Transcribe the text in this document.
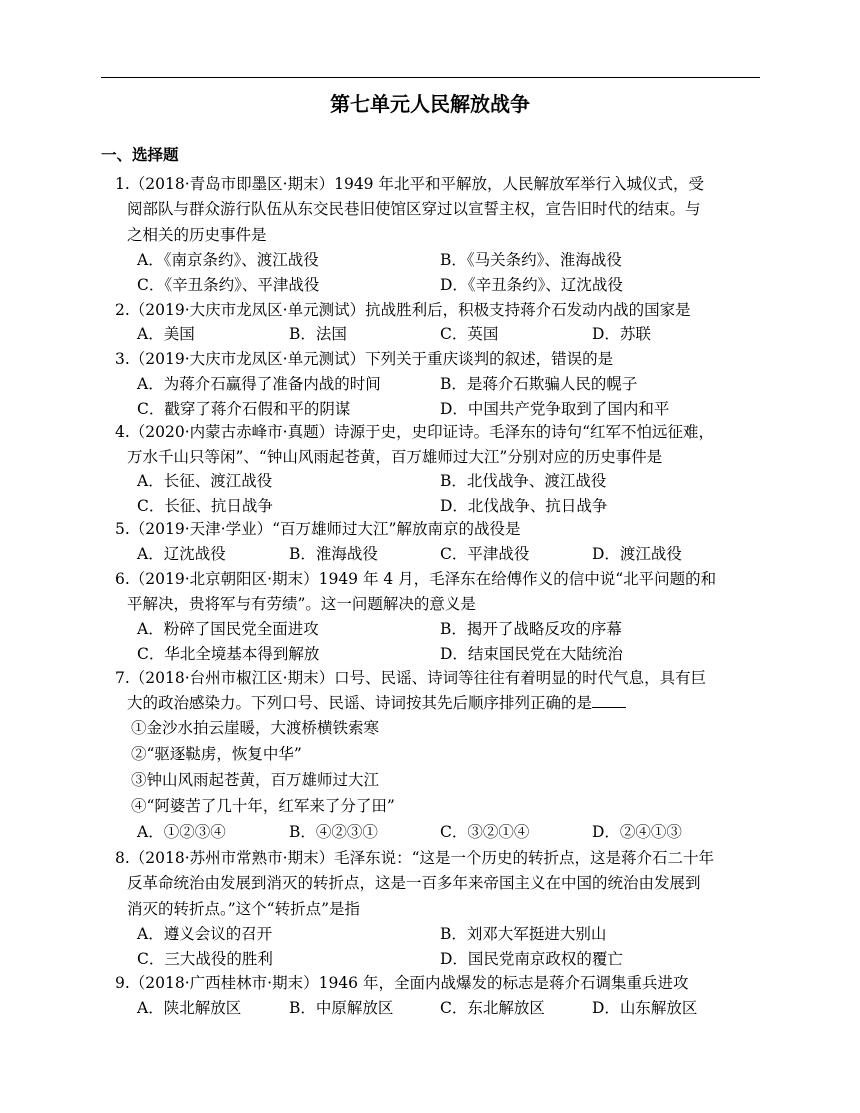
第七单元人民解放战争
一、选择题
1.（2018·青岛市即墨区·期末）1949 年北平和平解放，人民解放军举行入城仪式，受
阅部队与群众游行队伍从东交民巷旧使馆区穿过以宣誓主权，宣告旧时代的结束。与
之相关的历史事件是
A．《南京条约》、渡江战役	B．《马关条约》、淮海战役
C．《辛丑条约》、平津战役	D．《辛丑条约》、辽沈战役
2.（2019·大庆市龙凤区·单元测试）抗战胜利后，积极支持蒋介石发动内战的国家是
A．美国	B．法国	C．英国	D．苏联
3.（2019·大庆市龙凤区·单元测试）下列关于重庆谈判的叙述，错误的是
A．为蒋介石赢得了准备内战的时间	B．是蒋介石欺骗人民的幌子
C．戳穿了蒋介石假和平的阴谋	D．中国共产党争取到了国内和平
4.（2020·内蒙古赤峰市·真题）诗源于史，史印证诗。毛泽东的诗句“红军不怕远征难，
万水千山只等闲”、“钟山风雨起苍黄，百万雄师过大江”分别对应的历史事件是
A．长征、渡江战役	B．北伐战争、渡江战役
C．长征、抗日战争	D．北伐战争、抗日战争
5.（2019·天津·学业）“百万雄师过大江”解放南京的战役是
A．辽沈战役	B．淮海战役	C．平津战役	D．渡江战役
6.（2019·北京朝阳区·期末）1949 年 4 月，毛泽东在给傅作义的信中说“北平问题的和
平解决，贵将军与有劳绩”。这一问题解决的意义是
A．粉碎了国民党全面进攻	B．揭开了战略反攻的序幕
C．华北全境基本得到解放	D．结束国民党在大陆统治
7.（2018·台州市椒江区·期末）口号、民谣、诗词等往往有着明显的时代气息，具有巨
大的政治感染力。下列口号、民谣、诗词按其先后顺序排列正确的是
①金沙水拍云崖暖，大渡桥横铁索寒
②“驱逐鞑虏，恢复中华”
③钟山风雨起苍黄，百万雄师过大江
④“阿婆苦了几十年，红军来了分了田”
A．①②③④	B．④②③①	C．③②①④	D．②④①③
8.（2018·苏州市常熟市·期末）毛泽东说：“这是一个历史的转折点，这是蒋介石二十年
反革命统治由发展到消灭的转折点，这是一百多年来帝国主义在中国的统治由发展到
消灭的转折点。”这个“转折点”是指
A．遵义会议的召开	B．刘邓大军挺进大别山
C．三大战役的胜利	D．国民党南京政权的覆亡
9.（2018·广西桂林市·期末）1946 年，全面内战爆发的标志是蒋介石调集重兵进攻
A．陕北解放区	B．中原解放区	C．东北解放区	D．山东解放区
